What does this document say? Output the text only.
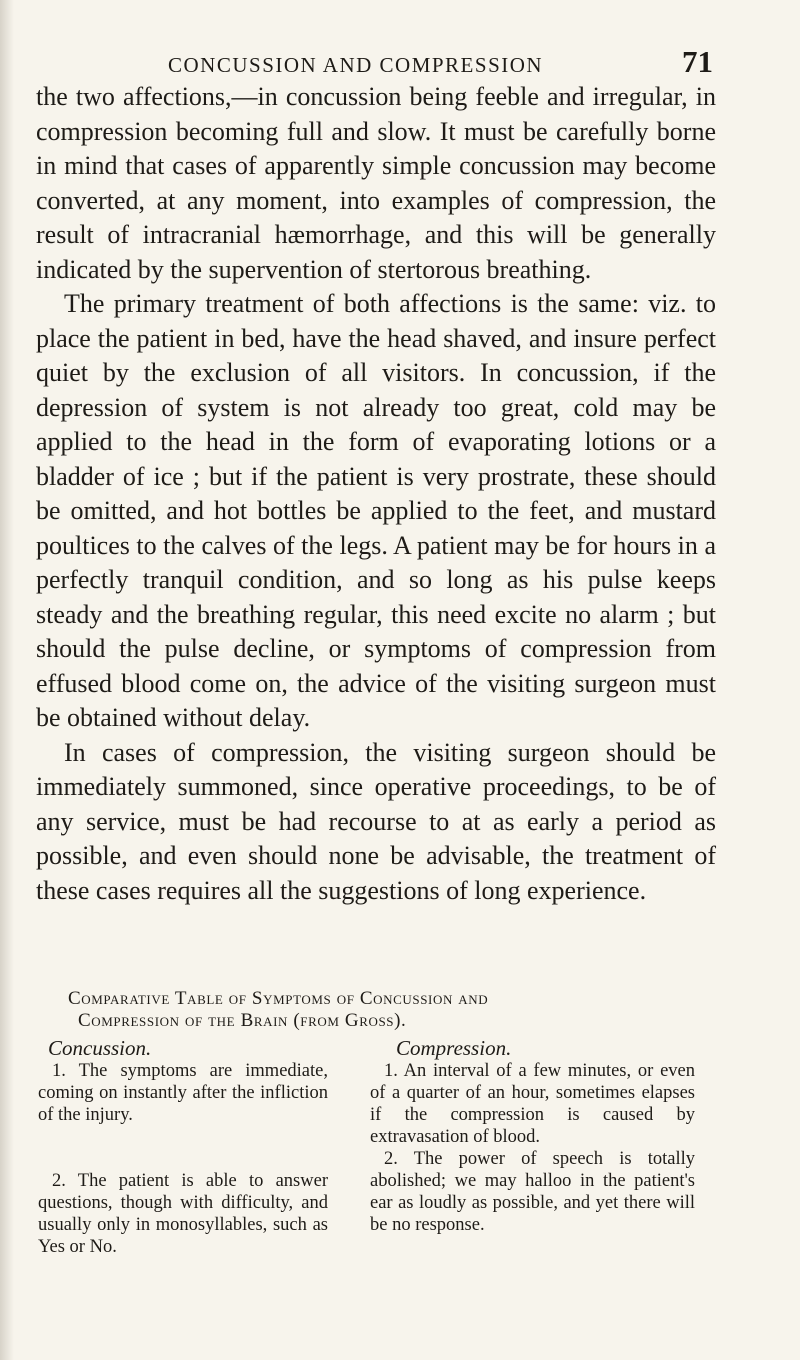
CONCUSSION AND COMPRESSION	71

the two affections,—in concussion being feeble and irregular, in compression becoming full and slow. It must be carefully borne in mind that cases of apparently simple concussion may become converted, at any moment, into examples of compression, the result of intracranial hæmorrhage, and this will be generally indicated by the supervention of stertorous breathing.

The primary treatment of both affections is the same: viz. to place the patient in bed, have the head shaved, and insure perfect quiet by the exclusion of all visitors. In concussion, if the depression of system is not already too great, cold may be applied to the head in the form of evaporating lotions or a bladder of ice ; but if the patient is very prostrate, these should be omitted, and hot bottles be applied to the feet, and mustard poultices to the calves of the legs. A patient may be for hours in a perfectly tranquil condition, and so long as his pulse keeps steady and the breathing regular, this need excite no alarm ; but should the pulse decline, or symptoms of compression from effused blood come on, the advice of the visiting surgeon must be obtained without delay.

In cases of compression, the visiting surgeon should be immediately summoned, since operative proceedings, to be of any service, must be had recourse to at as early a period as possible, and even should none be advisable, the treatment of these cases requires all the suggestions of long experience.

Comparative Table of Symptoms of Concussion and
Compression of the Brain (from Gross).

Concussion.

1. The symptoms are immediate, coming on instantly after the infliction of the injury.

2. The patient is able to answer questions, though with difficulty, and usually only in monosyllables, such as Yes or No.

Compression.

1. An interval of a few minutes, or even of a quarter of an hour, sometimes elapses if the compression is caused by extravasation of blood.

2. The power of speech is totally abolished; we may halloo in the patient's ear as loudly as possible, and yet there will be no response.
